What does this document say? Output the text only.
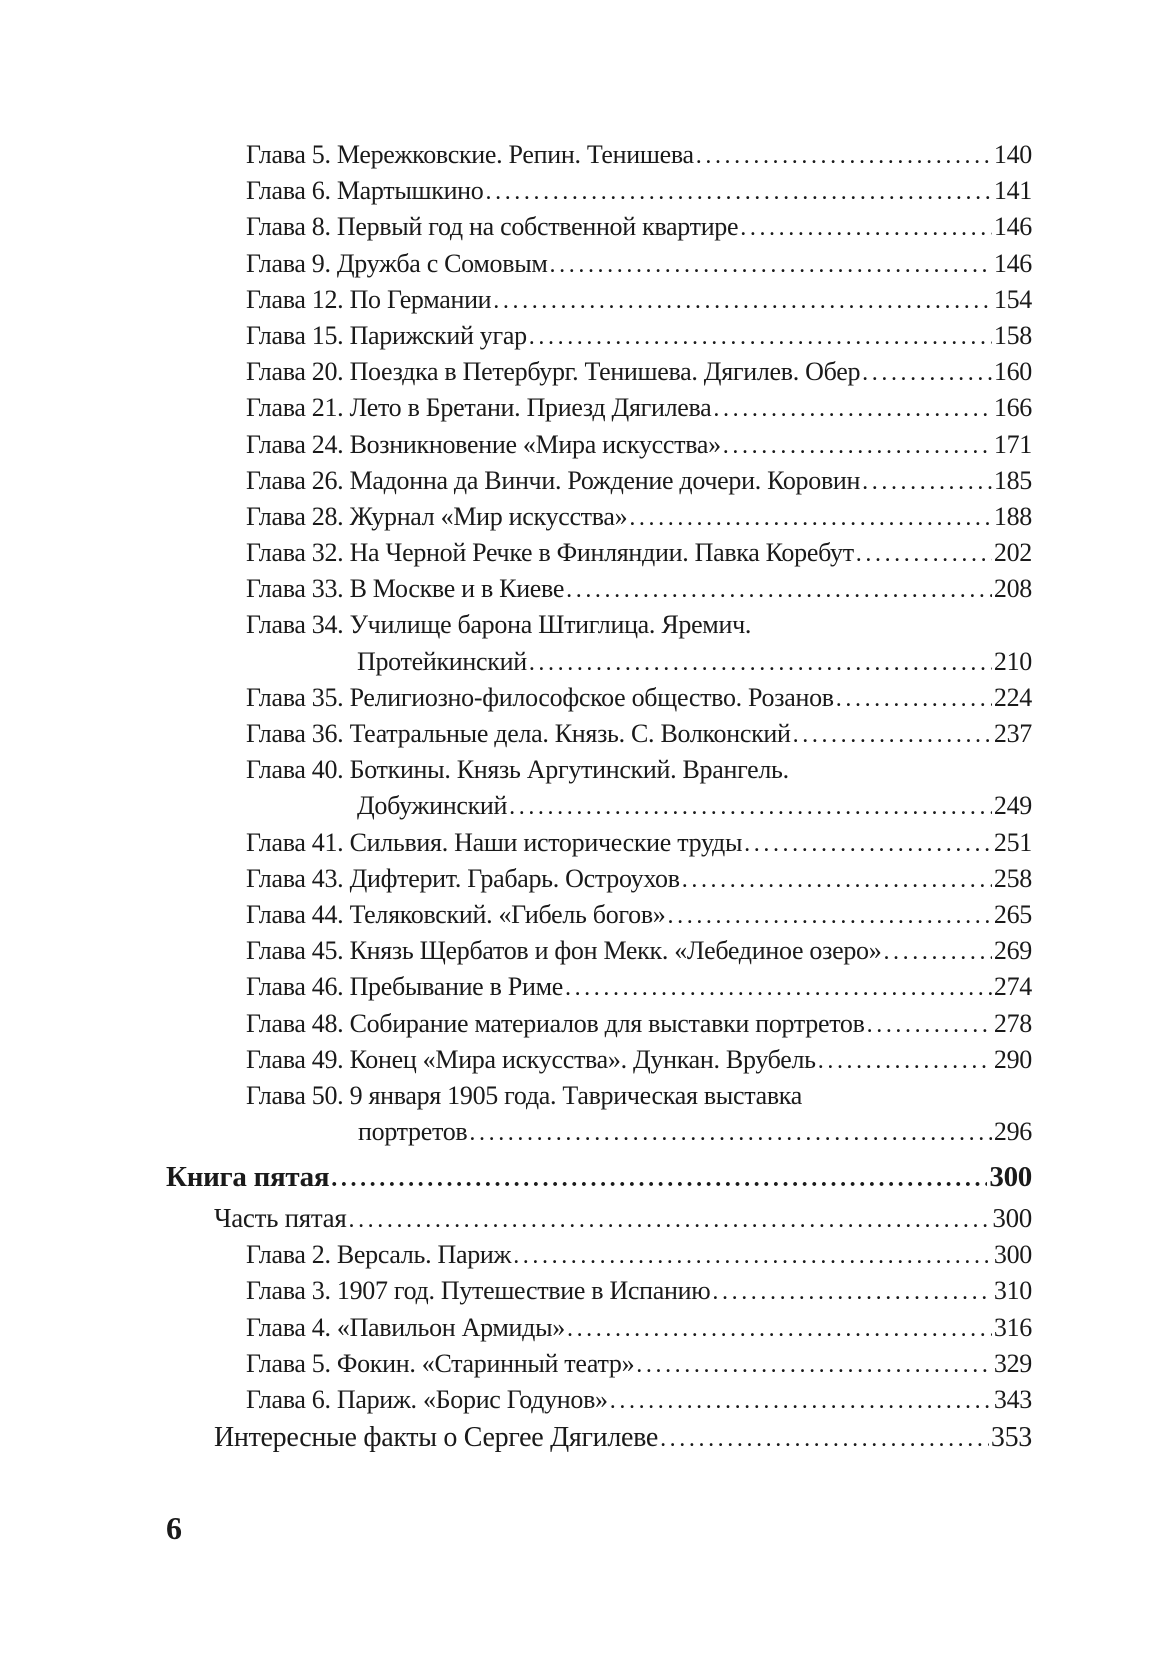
Глава 5. Мережковские. Репин. Тенишева . . .	140
Глава 6. Мартышкино . . .	141
Глава 8. Первый год на собственной квартире . . .	146
Глава 9. Дружба с Сомовым . . .	146
Глава 12. По Германии . . .	154
Глава 15. Парижский угар . . .	158
Глава 20. Поездка в Петербург. Тенишева. Дягилев. Обер . . .	160
Глава 21. Лето в Бретани. Приезд Дягилева . . .	166
Глава 24. Возникновение «Мира искусства» . . .	171
Глава 26. Мадонна да Винчи. Рождение дочери. Коровин . . .	185
Глава 28. Журнал «Мир искусства» . . .	188
Глава 32. На Черной Речке в Финляндии. Павка Коребут . . .	202
Глава 33. В Москве и в Киеве . . .	208
Глава 34. Училище барона Штиглица. Яремич.
Протейкинский . . .	210
Глава 35. Религиозно-философское общество. Розанов . . .	224
Глава 36. Театральные дела. Князь. С. Волконский . . .	237
Глава 40. Боткины. Князь Аргутинский. Врангель.
Добужинский . . .	249
Глава 41. Сильвия. Наши исторические труды . . .	251
Глава 43. Дифтерит. Грабарь. Остроухов . . .	258
Глава 44. Теляковский. «Гибель богов» . . .	265
Глава 45. Князь Щербатов и фон Мекк. «Лебединое озеро» . . .	269
Глава 46. Пребывание в Риме . . .	274
Глава 48. Собирание материалов для выставки портретов . . .	278
Глава 49. Конец «Мира искусства». Дункан. Врубель . . .	290
Глава 50. 9 января 1905 года. Таврическая выставка
портретов . . .	296
Книга пятая . . .	300
Часть пятая . . .	300
Глава 2. Версаль. Париж . . .	300
Глава 3. 1907 год. Путешествие в Испанию . . .	310
Глава 4. «Павильон Армиды» . . .	316
Глава 5. Фокин. «Старинный театр» . . .	329
Глава 6. Париж. «Борис Годунов» . . .	343
Интересные факты о Сергее Дягилеве . . .	353
6
